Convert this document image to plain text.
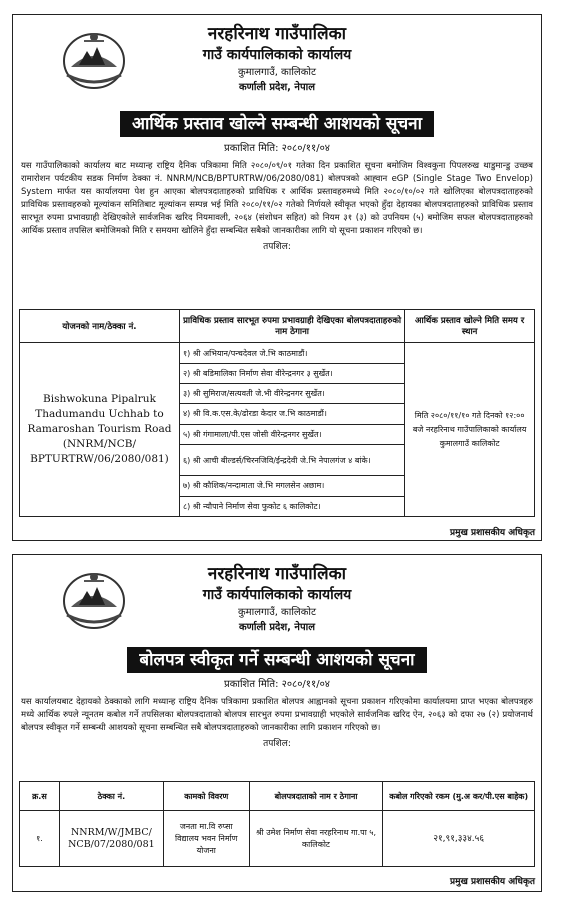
नरहरिनाथ गाउँपालिका
गाउँ कार्यपालिकाको कार्यालय
कुमालगाउँ, कालिकोट
कर्णाली प्रदेश, नेपाल
आर्थिक प्रस्ताव खोल्ने सम्बन्धी आशयको सूचना
प्रकाशित मिति: २०८०/११/०४
यस गाउँपालिकाको कार्यालय बाट मध्यान्ह राष्ट्रिय दैनिक पत्रिकामा मिति २०८०/०९/०१ गतेका दिन प्रकाशित सूचना बमोजिम विश्वकुना पिपलरुख थाडुमान्डु उच्छब रामारोशन पर्यटकीय सडक निर्माण ठेक्का नं. NNRM/NCB/BPTURTRW/06/2080/081) बोलपत्रको आह्‍वान eGP (Single Stage Two Envelop) System मार्फत यस कार्यालयमा पेश हुन आएका बोलपत्रदाताहरुको प्राविधिक र आर्थिक प्रस्तावहरुमध्ये मिति २०८०/१०/०२ गते खोलिएका बोलपत्रदाताहरुको प्राविधिक प्रस्तावहरुको मूल्यांकन समितिबाट मूल्यांकन सम्पन्न भई मिति २०८०/११/०२ गतेको निर्णयले स्वीकृत भएको हुँदा देहायका बोलपत्रदाताहरुको प्राविधिक प्रस्ताव सारभूत रुपमा प्रभावग्राही देखिएकोले सार्वजनिक खरिद नियमावली, २०६४ (संशोधन सहित) को नियम ३१ (३) को उपनियम (५) बमोजिम सफल बोलपत्रदाताहरुको आर्थिक प्रस्ताव तपसिल बमोजिमको मिति र समयमा खोलिने हुँदा सम्बन्धित सबैको जानकारीका लागि यो सूचना प्रकाशन गरिएको छ।
तपशिल:
योजनको नाम/ठेक्का नं.	प्राविधिक प्रस्ताव सारभूत रुपमा प्रभावग्राही देखिएका बोलपत्रदाताहरुको नाम ठेगाना	आर्थिक प्रस्ताव खोल्ने मिति समय र स्थान
Bishwokuna Pipalruk Thadumandu Uchhab to Ramaroshan Tourism Road (NNRM/NCB/ BPTURTRW/06/2080/081)	१) श्री अभियान/पन्चदेवल जे.भि काठमाडौं।	मिति २०८०/११/१० गते दिनको १२:०० बजे नरहरिनाथ गाउँपालिकाको कार्यालय कुमालगाउँ कालिकोट
	२) श्री बडिमालिका निर्माण सेवा वीरेन्द्रनगर ३ सुर्खेत।	
	३) श्री सुमिराज/सत्यवती जे.भी वीरेन्द्रनगर सुर्खेत।	
	४) श्री वि.क.एस.के/ढोरडा केदार ज.भि काठमाडौं।	
	५) श्री गंगामाला/पी.एस जोसी वीरेन्द्रनगर सुर्खेत।	
	६) श्री आची बील्डर्स/चिरनजिवि/ईन्द्रदेवी जे.भि नेपालगंज ४ बांके।	
	७) श्री कौशिक/नन्दामाता जे.भि मगलसेन अछाम।	
	८) श्री न्यौपाने निर्माण सेवा फुकोट ६ कालिकोट।	
प्रमुख प्रशासकीय अधिकृत
नरहरिनाथ गाउँपालिका
गाउँ कार्यपालिकाको कार्यालय
कुमालगाउँ, कालिकोट
कर्णाली प्रदेश, नेपाल
बोलपत्र स्वीकृत गर्ने सम्बन्धी आशयको सूचना
प्रकाशित मिति: २०८०/११/०४
यस कार्यालयबाट देहायको ठेक्काको लागि मध्यान्ह राष्ट्रिय दैनिक पत्रिकामा प्रकाशित बोलपत्र आह्वानको सूचना प्रकाशन गरिएकोमा कार्यालयमा प्राप्त भएका बोलपत्रहरु मध्ये आर्थिक रुपले न्यूनतम कबोल गर्ने तपसिलका बोलपत्रदाताको बोलपत्र सारभुत रुपमा प्रभावग्राही भएकोले सार्वजनिक खरिद ऐन, २०६३ को दफा २७ (२) प्रयोजनार्थ बोलपत्र स्वीकृत गर्ने सम्बन्धी आशयको सूचना सम्बन्धित सबै बोलपत्रदाताहरुको जानकारीका लागि प्रकाशन गरिएको छ।
तपशिल:
क्र.स	ठेक्का नं.	कामको विवरण	बोलपत्रदाताको नाम र ठेगाना	कबोल गरिएको रकम (मु.अ कर/पी.एस बाहेक)
१.	NNRM/W/JMBC/ NCB/07/2080/081	जनता मा.वि रुप्सा विद्यालय भवन निर्माण योजना	श्री उमेश निर्माण सेवा नरहरिनाथ गा.पा ५, कालिकोट	२१,९१,३३४.५६
प्रमुख प्रशासकीय अधिकृत
